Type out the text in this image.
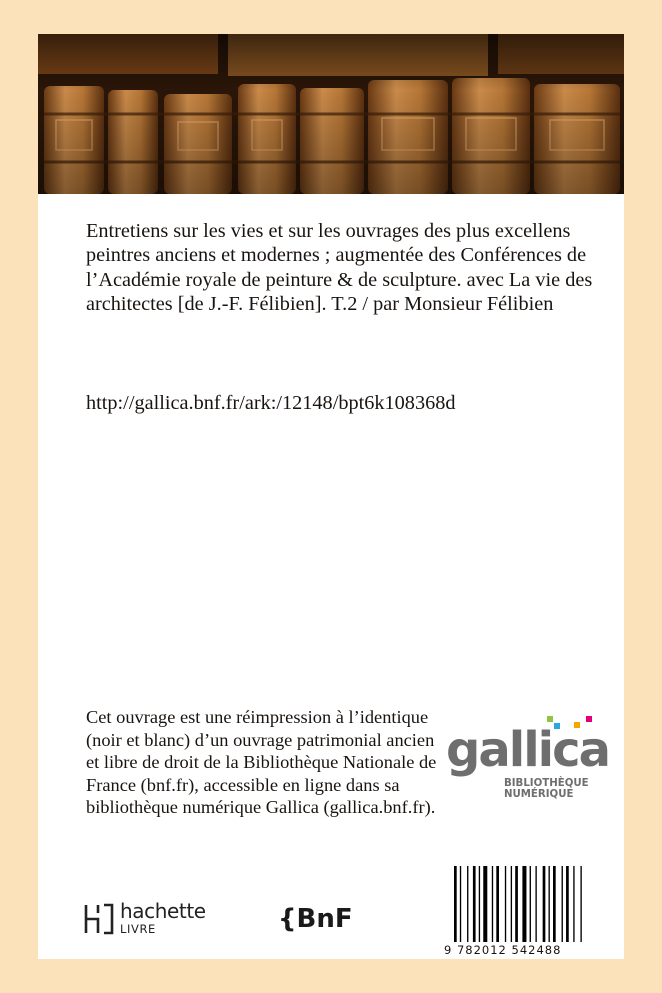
Entretiens sur les vies et sur les ouvrages des plus excellens peintres anciens et modernes ; augmentée des Conférences de l’Académie royale de peinture & de sculpture. avec La vie des architectes [de J.-F. Félibien]. T.2 / par Monsieur Félibien

http://gallica.bnf.fr/ark:/12148/bpt6k108368d
Cet ouvrage est une réimpression à l’identique (noir et blanc) d’un ouvrage patrimonial ancien et libre de droit de la Bibliothèque Nationale de France (bnf.fr), accessible en ligne dans sa bibliothèque numérique Gallica (gallica.bnf.fr).
gallica
BIBLIOTHÈQUE
NUMÉRIQUE
hachette
LIVRE	{BnF
9 782012 542488
